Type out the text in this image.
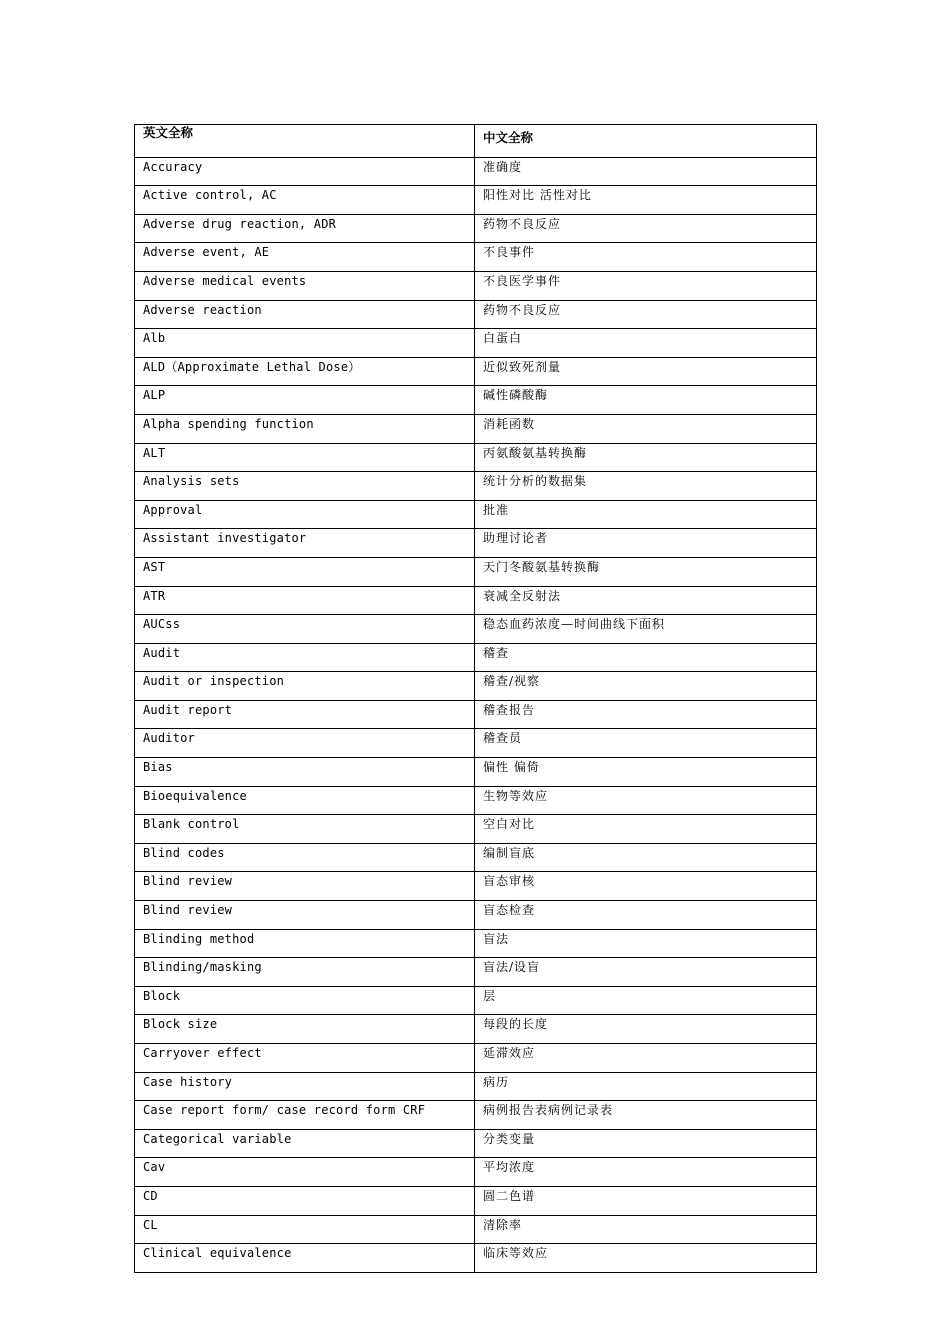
英文全称	中文全称
Accuracy	准确度
Active control, AC	阳性对比 活性对比
Adverse drug reaction, ADR	药物不良反应
Adverse event, AE	不良事件
Adverse medical events	不良医学事件
Adverse reaction	药物不良反应
Alb	白蛋白
ALD（Approximate Lethal Dose）	近似致死剂量
ALP	碱性磷酸酶
Alpha spending function	消耗函数
ALT	丙氨酸氨基转换酶
Analysis sets	统计分析的数据集
Approval	批准
Assistant investigator	助理讨论者
AST	天门冬酸氨基转换酶
ATR	衰减全反射法
AUCss	稳态血药浓度—时间曲线下面积
Audit	稽查
Audit or inspection	稽查/视察
Audit report	稽查报告
Auditor	稽查员
Bias	偏性 偏倚
Bioequivalence	生物等效应
Blank control	空白对比
Blind codes	编制盲底
Blind review	盲态审核
Blind review	盲态检查
Blinding method	盲法
Blinding/masking	盲法/设盲
Block	层
Block size	每段的长度
Carryover effect	延滞效应
Case history	病历
Case report form/ case record form CRF	病例报告表病例记录表
Categorical variable	分类变量
Cav	平均浓度
CD	圆二色谱
CL	清除率
Clinical equivalence	临床等效应
